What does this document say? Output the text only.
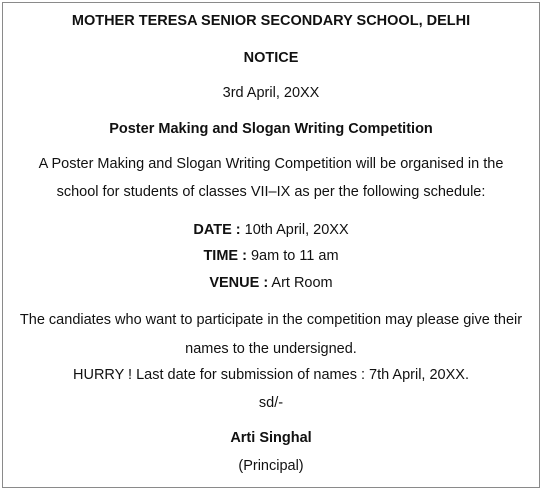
MOTHER TERESA SENIOR SECONDARY SCHOOL, DELHI
NOTICE
3rd April, 20XX
Poster Making and Slogan Writing Competition
A Poster Making and Slogan Writing Competition will be organised in the
school for students of classes VII–IX as per the following schedule:
DATE : 10th April, 20XX
TIME : 9am to 11 am
VENUE : Art Room
The candiates who want to participate in the competition may please give their
names to the undersigned.
HURRY ! Last date for submission of names : 7th April, 20XX.
sd/-
Arti Singhal
(Principal)
